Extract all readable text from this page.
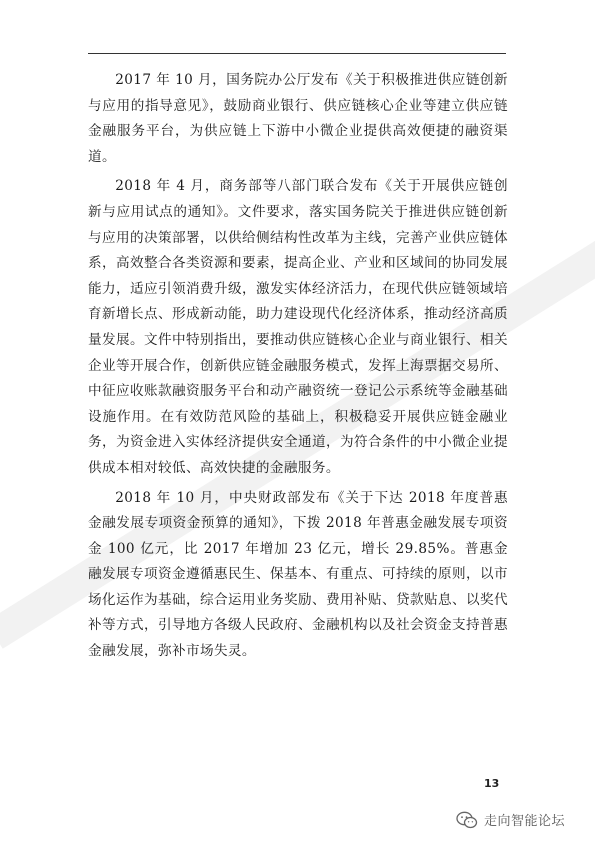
2017 年 10 月，国务院办公厅发布《关于积极推进供应链创新与应用的指导意见》，鼓励商业银行、供应链核心企业等建立供应链金融服务平台，为供应链上下游中小微企业提供高效便捷的融资渠道。

2018 年 4 月，商务部等八部门联合发布《关于开展供应链创新与应用试点的通知》。文件要求，落实国务院关于推进供应链创新与应用的决策部署，以供给侧结构性改革为主线，完善产业供应链体系，高效整合各类资源和要素，提高企业、产业和区域间的协同发展能力，适应引领消费升级，激发实体经济活力，在现代供应链领域培育新增长点、形成新动能，助力建设现代化经济体系，推动经济高质量发展。文件中特别指出，要推动供应链核心企业与商业银行、相关企业等开展合作，创新供应链金融服务模式，发挥上海票据交易所、中征应收账款融资服务平台和动产融资统一登记公示系统等金融基础设施作用。在有效防范风险的基础上，积极稳妥开展供应链金融业务，为资金进入实体经济提供安全通道，为符合条件的中小微企业提供成本相对较低、高效快捷的金融服务。

2018 年 10 月，中央财政部发布《关于下达 2018 年度普惠金融发展专项资金预算的通知》，下拨 2018 年普惠金融发展专项资金 100 亿元，比 2017 年增加 23 亿元，增长 29.85%。普惠金融发展专项资金遵循惠民生、保基本、有重点、可持续的原则，以市场化运作为基础，综合运用业务奖励、费用补贴、贷款贴息、以奖代补等方式，引导地方各级人民政府、金融机构以及社会资金支持普惠金融发展，弥补市场失灵。

13
走向智能论坛
